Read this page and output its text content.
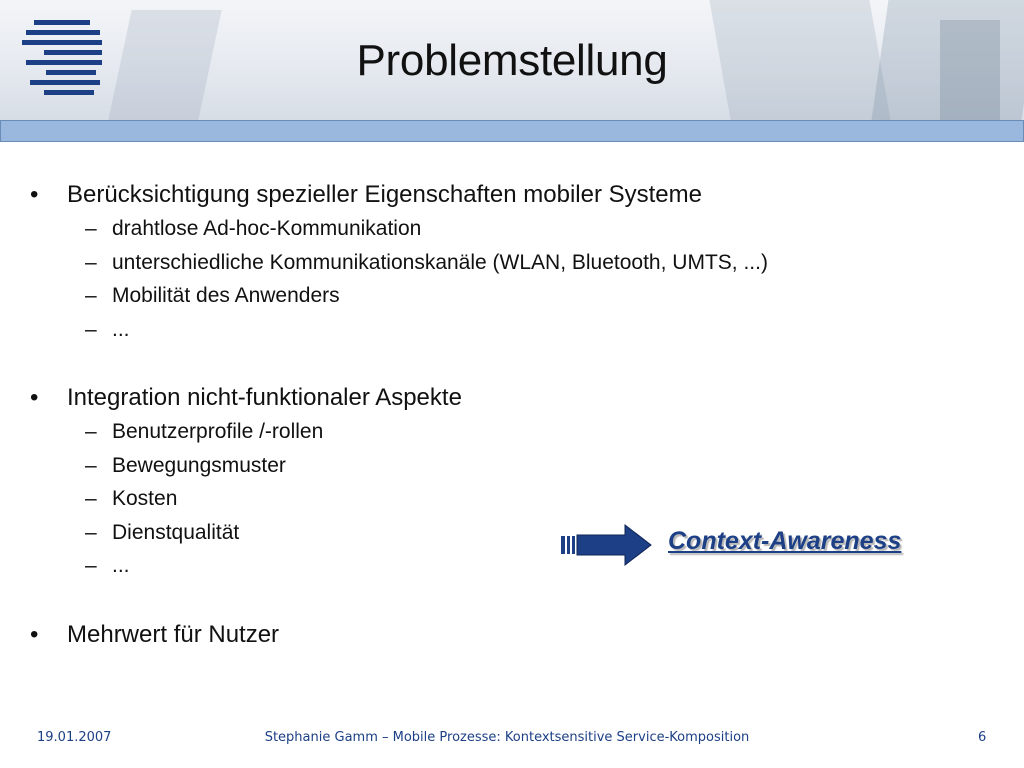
Problemstellung
• Berücksichtigung spezieller Eigenschaften mobiler Systeme
– drahtlose Ad-hoc-Kommunikation
– unterschiedliche Kommunikationskanäle (WLAN, Bluetooth, UMTS, ...)
– Mobilität des Anwenders
– ...
• Integration nicht-funktionaler Aspekte
– Benutzerprofile /-rollen
– Bewegungsmuster
– Kosten
– Dienstqualität
– ...
• Mehrwert für Nutzer
Context-Awareness
19.01.2007	Stephanie Gamm – Mobile Prozesse: Kontextsensitive Service-Komposition	6
